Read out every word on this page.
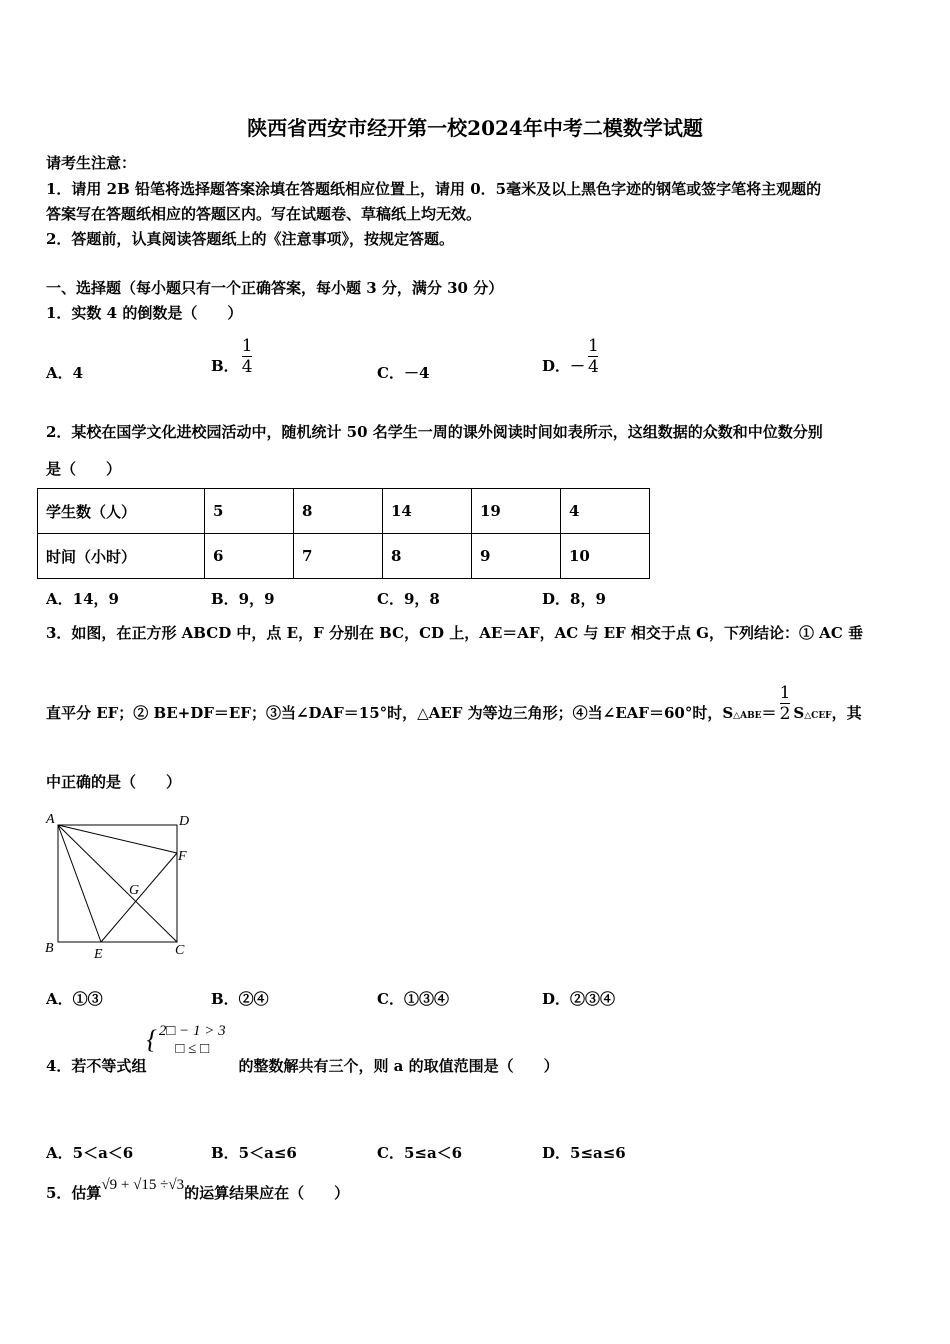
陕西省西安市经开第一校2024年中考二模数学试题
请考生注意：
1．请用 2B 铅笔将选择题答案涂填在答题纸相应位置上，请用 0．5毫米及以上黑色字迹的钢笔或签字笔将主观题的
答案写在答题纸相应的答题区内。写在试题卷、草稿纸上均无效。
2．答题前，认真阅读答题纸上的《注意事项》，按规定答题。
一、选择题（每小题只有一个正确答案，每小题 3 分，满分 30 分）
1．实数 4 的倒数是（　　）
A．4	B． $\frac{1}{4}$	C．－4	D．－ $\frac{1}{4}$
2．某校在国学文化进校园活动中，随机统计 50 名学生一周的课外阅读时间如表所示，这组数据的众数和中位数分别
是（　　）
学生数（人）	5	8	14	19	4
时间（小时）	6	7	8	9	10
A．14，9	B．9，9	C．9，8	D．8，9
3．如图，在正方形 ABCD 中，点 E，F 分别在 BC，CD 上，AE＝AF，AC 与 EF 相交于点 G，下列结论：① AC 垂
直平分 EF；② BE+DF＝EF；③当∠DAF＝15°时，△AEF 为等边三角形；④当∠EAF＝60°时，S△ABE＝ $\frac{1}{2}$ S△CEF，其
中正确的是（　　）
A	D
B	C
E
F
G
A．①③	B．②④	C．①③④	D．②③④
4．若不等式组
{ 2□ − 1 > 3
□ ≤ □
的整数解共有三个，则 a 的取值范围是（　　）
A．5＜a＜6	B．5＜a≤6	C．5≤a＜6	D．5≤a≤6
5．估算√9 + √15 ÷√3的运算结果应在（　　）
